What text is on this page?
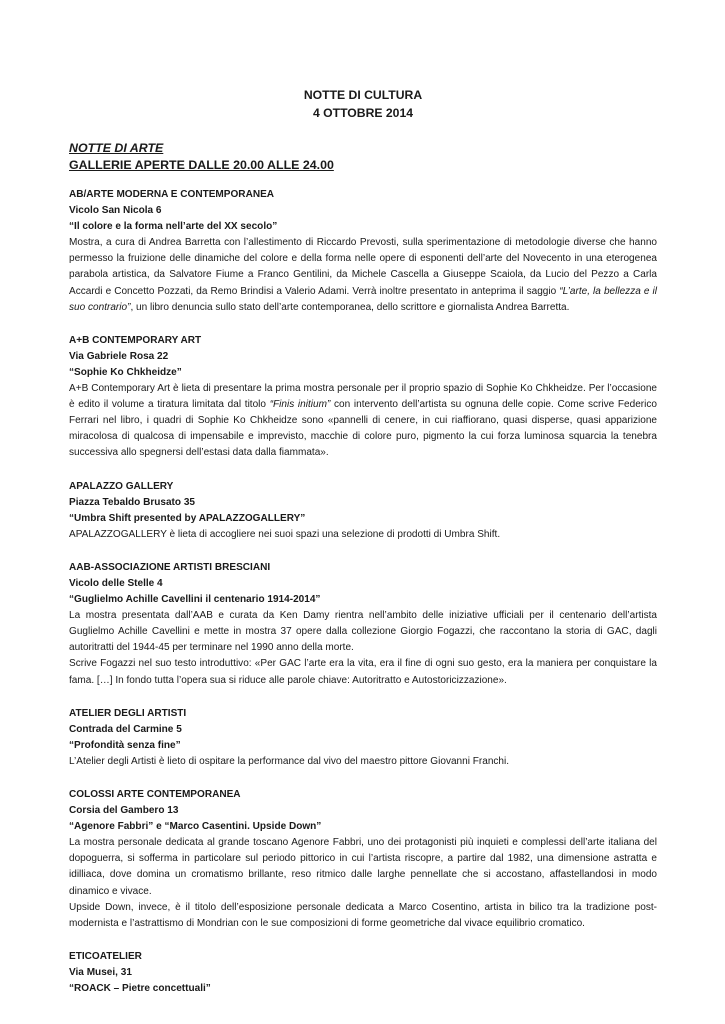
NOTTE DI CULTURA
4 OTTOBRE 2014
NOTTE DI ARTE
GALLERIE APERTE DALLE 20.00 ALLE 24.00
AB/ARTE MODERNA E CONTEMPORANEA
Vicolo San Nicola 6
“Il colore e la forma nell’arte del XX secolo”

Mostra, a cura di Andrea Barretta con l’allestimento di Riccardo Prevosti, sulla sperimentazione di metodologie diverse che hanno permesso la fruizione delle dinamiche del colore e della forma nelle opere di esponenti dell’arte del Novecento in una eterogenea parabola artistica, da Salvatore Fiume a Franco Gentilini, da Michele Cascella a Giuseppe Scaiola, da Lucio del Pezzo a Carla Accardi e Concetto Pozzati, da Remo Brindisi a Valerio Adami. Verrà inoltre presentato in anteprima il saggio “L’arte, la bellezza e il suo contrario”, un libro denuncia sullo stato dell’arte contemporanea, dello scrittore e giornalista Andrea Barretta.

A+B CONTEMPORARY ART
Via Gabriele Rosa 22
“Sophie Ko Chkheidze”

A+B Contemporary Art è lieta di presentare la prima mostra personale per il proprio spazio di Sophie Ko Chkheidze. Per l’occasione è edito il volume a tiratura limitata dal titolo “Finis initium” con intervento dell’artista su ognuna delle copie. Come scrive Federico Ferrari nel libro, i quadri di Sophie Ko Chkheidze sono «pannelli di cenere, in cui riaffiorano, quasi disperse, quasi apparizione miracolosa di qualcosa di impensabile e imprevisto, macchie di colore puro, pigmento la cui forza luminosa squarcia la tenebra successiva allo spegnersi dell’estasi data dalla fiammata».

APALAZZO GALLERY
Piazza Tebaldo Brusato 35
“Umbra Shift presented by APALAZZOGALLERY”

APALAZZOGALLERY è lieta di accogliere nei suoi spazi una selezione di prodotti di Umbra Shift.

AAB-ASSOCIAZIONE ARTISTI BRESCIANI
Vicolo delle Stelle 4
“Guglielmo Achille Cavellini il centenario 1914-2014”

La mostra presentata dall’AAB e curata da Ken Damy rientra nell’ambito delle iniziative ufficiali per il centenario dell’artista Guglielmo Achille Cavellini e mette in mostra 37 opere dalla collezione Giorgio Fogazzi, che raccontano la storia di GAC, dagli autoritratti del 1944-45 per terminare nel 1990 anno della morte.

Scrive Fogazzi nel suo testo introduttivo: «Per GAC l’arte era la vita, era il fine di ogni suo gesto, era la maniera per conquistare la fama. […] In fondo tutta l’opera sua si riduce alle parole chiave: Autoritratto e Autostoricizzazione».

ATELIER DEGLI ARTISTI
Contrada del Carmine 5
“Profondità senza fine”

L’Atelier degli Artisti è lieto di ospitare la performance dal vivo del maestro pittore Giovanni Franchi.

COLOSSI ARTE CONTEMPORANEA
Corsia del Gambero 13
“Agenore Fabbri” e “Marco Casentini. Upside Down”

La mostra personale dedicata al grande toscano Agenore Fabbri, uno dei protagonisti più inquieti e complessi dell’arte italiana del dopoguerra, si sofferma in particolare sul periodo pittorico in cui l’artista riscopre, a partire dal 1982, una dimensione astratta e idilliaca, dove domina un cromatismo brillante, reso ritmico dalle larghe pennellate che si accostano, affastellandosi in modo dinamico e vivace.

Upside Down, invece, è il titolo dell’esposizione personale dedicata a Marco Cosentino, artista in bilico tra la tradizione post-modernista e l’astrattismo di Mondrian con le sue composizioni di forme geometriche dal vivace equilibrio cromatico.

ETICOATELIER
Via Musei, 31
“ROACK – Pietre concettuali”
